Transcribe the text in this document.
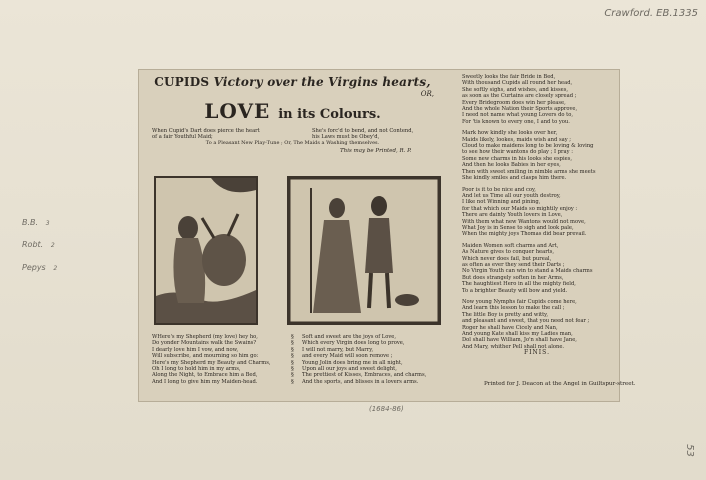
Crawford. EB.1335
B.B. 3
Robt. 2
Pepys 2
53
(1684-86)
CUPIDS Victory over the Virgins hearts,
OR,
LOVE in its Colours.
When Cupid's Dart does pierce the heart
of a fair Youthful Maid;
She's forc'd to bend, and not Contend,
his Laws must be Obey'd,
To a Pleasant New Play-Tune ; Or, The Maids a Washing themselves.
This may be Printed, R. P.

WHere's my Shepherd (my love) hey ho,

Do yonder Mountains walk the Swains?

I dearly love him I vow, and now,

Will subscribe, and mourning so him go:

Here's my Shepherd my Beauty and Charms,

Oh I long to hold him in my arms,

Along the Night, to Embrace him a Bed,

And I long to give him my Maiden-head.

§

§

§

§

§

§

§

§

Soft and sweet are the joys of Love,

Which every Virgin does long to prove,

I will not marry, but Marry,

and every Maid will soon remove ;

Young Jolin does bring me in all night,

Upon all our joys and sweet delight,

The prettiest of Kisses, Embraces, and charms,

And the sports, and blisses in a lovers arms.

Sweetly looks the fair Bride in Bed,

With thousand Cupids all round her head,

She softly sighs, and wishes, and kisses,

as soon as the Curtains are closely spread ;

Every Bridegroom does win her please,

And the whole Nation their Sports approve,

I need not name what young Lovers do to,

For 'tis known to every one, I and to you.

Mark how kindly she looks over her,

Maids likely, lookes, maids wish and say ;

Cloud to make maidens long to be loving & loving

to see how their wantons do play ; I pray :

Some new charms in his looks she espies,

And then he looks Babies in her eyes,

Then with sweet smiling in nimble arms she meets

She kindly smiles and clasps him there.

Poor is it to be nice and coy,

And let us Time all our youth destroy,

I like not Winning and pining,

for that which our Maids so mightily enjoy :

There are dainty Youth lovers in Love,

With them what new Wantons would not move,

What Joy is in Sense to sigh and look pale,

When the mighty joys Thomas did bear prevail.

Maiden Women soft charms and Art,

As Nature gives to conquer hearts,

Which never does fail, but pureal,

as often as ever they send their Darts ;

No Virgin Youth can win to stand a Maids charms

But does strangely soften in her Arms,

The haughtiest Hero in all the mighty field,

To a brighter Beauty will bow and yield.

Now young Nymphs fair Cupids come here,

And learn this lesson to make the call ;

The little Boy is pretty and witty,

and pleasant and sweet, that you need not fear ;

Roger he shall have Cicely and Nan,

And young Kate shall kiss my Ladies man,

Dol shall have William, Jo'n shall have Jane,

And Mary, whither Pell shall not alone.

FINIS.

Printed for J. Deacon at the Angel in Guiltspur-street.
